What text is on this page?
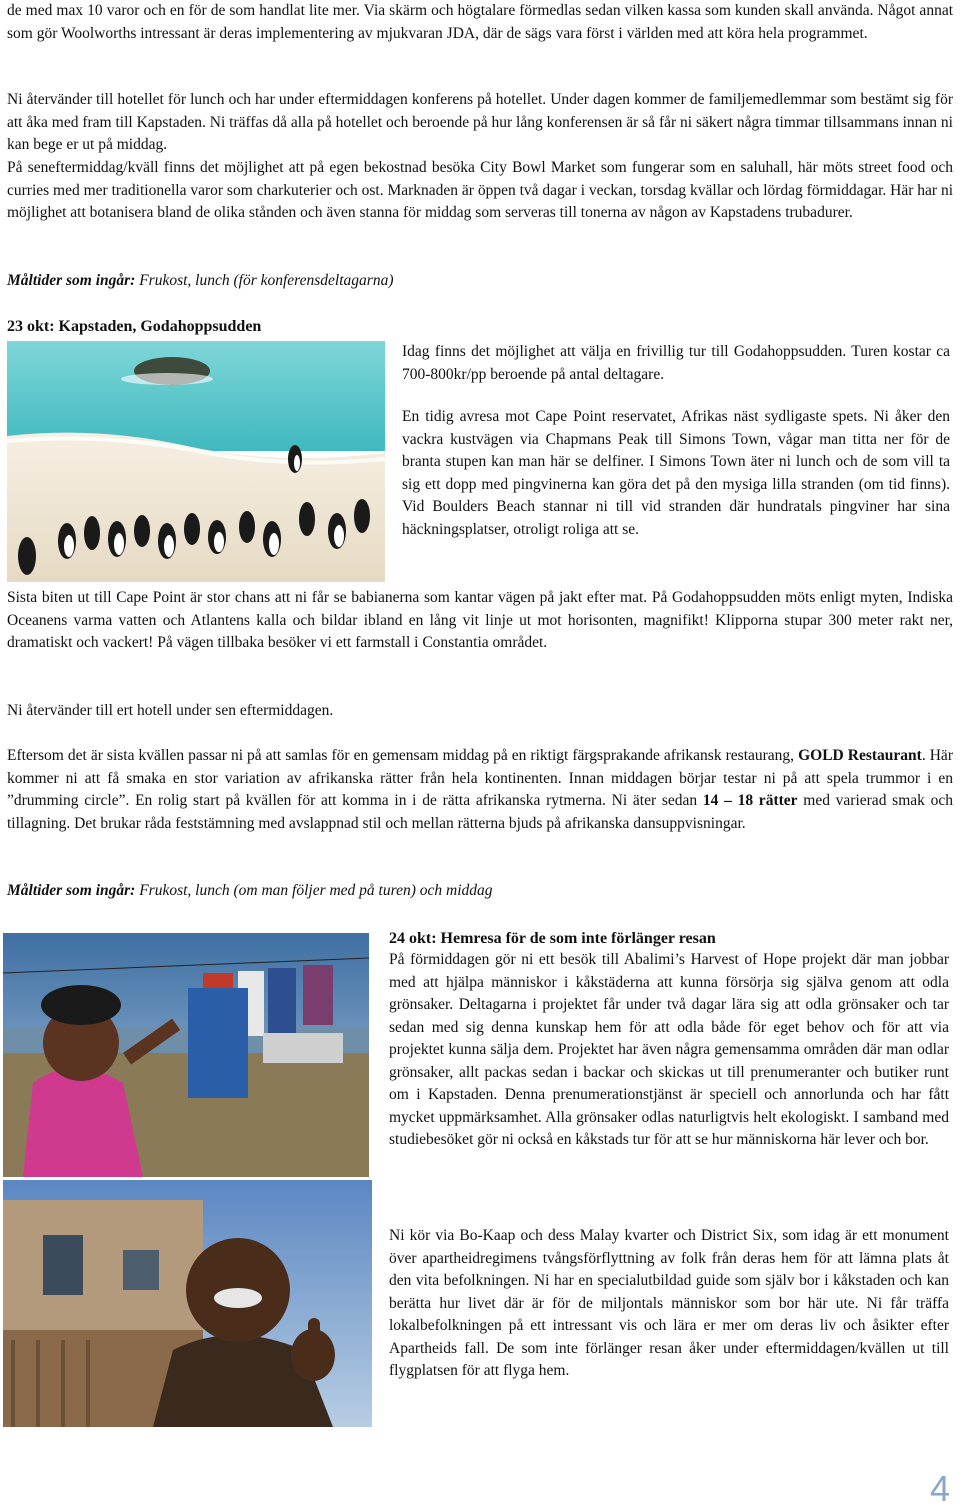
de med max 10 varor och en för de som handlat lite mer. Via skärm och högtalare förmedlas sedan vilken kassa som kunden skall använda. Något annat som gör Woolworths intressant är deras implementering av mjukvaran JDA, där de sägs vara först i världen med att köra hela programmet.

Ni återvänder till hotellet för lunch och har under eftermiddagen konferens på hotellet. Under dagen kommer de familjemedlemmar som bestämt sig för att åka med fram till Kapstaden. Ni träffas då alla på hotellet och beroende på hur lång konferensen är så får ni säkert några timmar tillsammans innan ni kan bege er ut på middag.

På seneftermiddag/kväll finns det möjlighet att på egen bekostnad besöka City Bowl Market som fungerar som en saluhall, här möts street food och curries med mer traditionella varor som charkuterier och ost. Marknaden är öppen två dagar i veckan, torsdag kvällar och lördag förmiddagar. Här har ni möjlighet att botanisera bland de olika stånden och även stanna för middag som serveras till tonerna av någon av Kapstadens trubadurer.

Måltider som ingår: Frukost, lunch (för konferensdeltagarna)

23 okt: Kapstaden, Godahoppsudden

Idag finns det möjlighet att välja en frivillig tur till Godahoppsudden. Turen kostar ca 700-800kr/pp beroende på antal deltagare.

En tidig avresa mot Cape Point reservatet, Afrikas näst sydligaste spets. Ni åker den vackra kustvägen via Chapmans Peak till Simons Town, vågar man titta ner för de branta stupen kan man här se delfiner. I Simons Town äter ni lunch och de som vill ta sig ett dopp med pingvinerna kan göra det på den mysiga lilla stranden (om tid finns). Vid Boulders Beach stannar ni till vid stranden där hundratals pingviner har sina häckningsplatser, otroligt roliga att se.

Sista biten ut till Cape Point är stor chans att ni får se babianerna som kantar vägen på jakt efter mat. På Godahoppsudden möts enligt myten, Indiska Oceanens varma vatten och Atlantens kalla och bildar ibland en lång vit linje ut mot horisonten, magnifikt! Klipporna stupar 300 meter rakt ner, dramatiskt och vackert! På vägen tillbaka besöker vi ett farmstall i Constantia området.

Ni återvänder till ert hotell under sen eftermiddagen.

Eftersom det är sista kvällen passar ni på att samlas för en gemensam middag på en riktigt färgsprakande afrikansk restaurang, GOLD Restaurant. Här kommer ni att få smaka en stor variation av afrikanska rätter från hela kontinenten. Innan middagen börjar testar ni på att spela trummor i en ”drumming circle”. En rolig start på kvällen för att komma in i de rätta afrikanska rytmerna. Ni äter sedan 14 – 18 rätter med varierad smak och tillagning. Det brukar råda feststämning med avslappnad stil och mellan rätterna bjuds på afrikanska dansuppvisningar.

Måltider som ingår: Frukost, lunch (om man följer med på turen) och middag

24 okt: Hemresa för de som inte förlänger resan

På förmiddagen gör ni ett besök till Abalimi’s Harvest of Hope projekt där man jobbar med att hjälpa människor i kåkstäderna att kunna försörja sig själva genom att odla grönsaker. Deltagarna i projektet får under två dagar lära sig att odla grönsaker och tar sedan med sig denna kunskap hem för att odla både för eget behov och för att via projektet kunna sälja dem. Projektet har även några gemensamma områden där man odlar grönsaker, allt packas sedan i backar och skickas ut till prenumeranter och butiker runt om i Kapstaden. Denna prenumerationstjänst är speciell och annorlunda och har fått mycket uppmärksamhet. Alla grönsaker odlas naturligtvis helt ekologiskt. I samband med studiebesöket gör ni också en kåkstads tur för att se hur människorna här lever och bor.

Ni kör via Bo-Kaap och dess Malay kvarter och District Six, som idag är ett monument över apartheidregimens tvångsförflyttning av folk från deras hem för att lämna plats åt den vita befolkningen. Ni har en specialutbildad guide som själv bor i kåkstaden och kan berätta hur livet där är för de miljontals människor som bor här ute. Ni får träffa lokalbefolkningen på ett intressant vis och lära er mer om deras liv och åsikter efter Apartheids fall. De som inte förlänger resan åker under eftermiddagen/kvällen ut till flygplatsen för att flyga hem.

4
